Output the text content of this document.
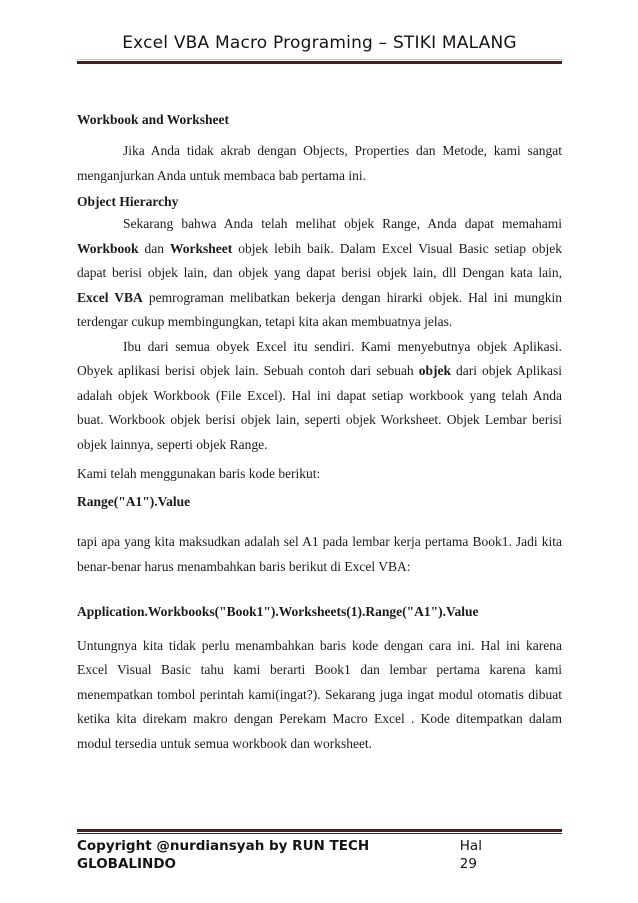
Excel VBA Macro Programing – STIKI MALANG

Workbook and Worksheet

Jika Anda tidak akrab dengan Objects, Properties dan Metode, kami sangat menganjurkan Anda untuk membaca bab pertama ini.

Object Hierarchy

Sekarang bahwa Anda telah melihat objek Range, Anda dapat memahami Workbook dan Worksheet objek lebih baik. Dalam Excel Visual Basic setiap objek dapat berisi objek lain, dan objek yang dapat berisi objek lain, dll Dengan kata lain, Excel VBA pemrograman melibatkan bekerja dengan hirarki objek. Hal ini mungkin terdengar cukup membingungkan, tetapi kita akan membuatnya jelas.

Ibu dari semua obyek Excel itu sendiri. Kami menyebutnya objek Aplikasi. Obyek aplikasi berisi objek lain. Sebuah contoh dari sebuah objek dari objek Aplikasi adalah objek Workbook (File Excel). Hal ini dapat setiap workbook yang telah Anda buat. Workbook objek berisi objek lain, seperti objek Worksheet. Objek Lembar berisi objek lainnya, seperti objek Range.

Kami telah menggunakan baris kode berikut:

Range("A1").Value

tapi apa yang kita maksudkan adalah sel A1 pada lembar kerja pertama Book1. Jadi kita benar-benar harus menambahkan baris berikut di Excel VBA:

Application.Workbooks("Book1").Worksheets(1).Range("A1").Value

Untungnya kita tidak perlu menambahkan baris kode dengan cara ini. Hal ini karena Excel Visual Basic tahu kami berarti Book1 dan lembar pertama karena kami menempatkan tombol perintah kami(ingat?). Sekarang juga ingat modul otomatis dibuat ketika kita direkam makro dengan Perekam Macro Excel . Kode ditempatkan dalam modul tersedia untuk semua workbook dan worksheet.

Copyright @nurdiansyah by RUN TECH GLOBALINDO
Hal 29
